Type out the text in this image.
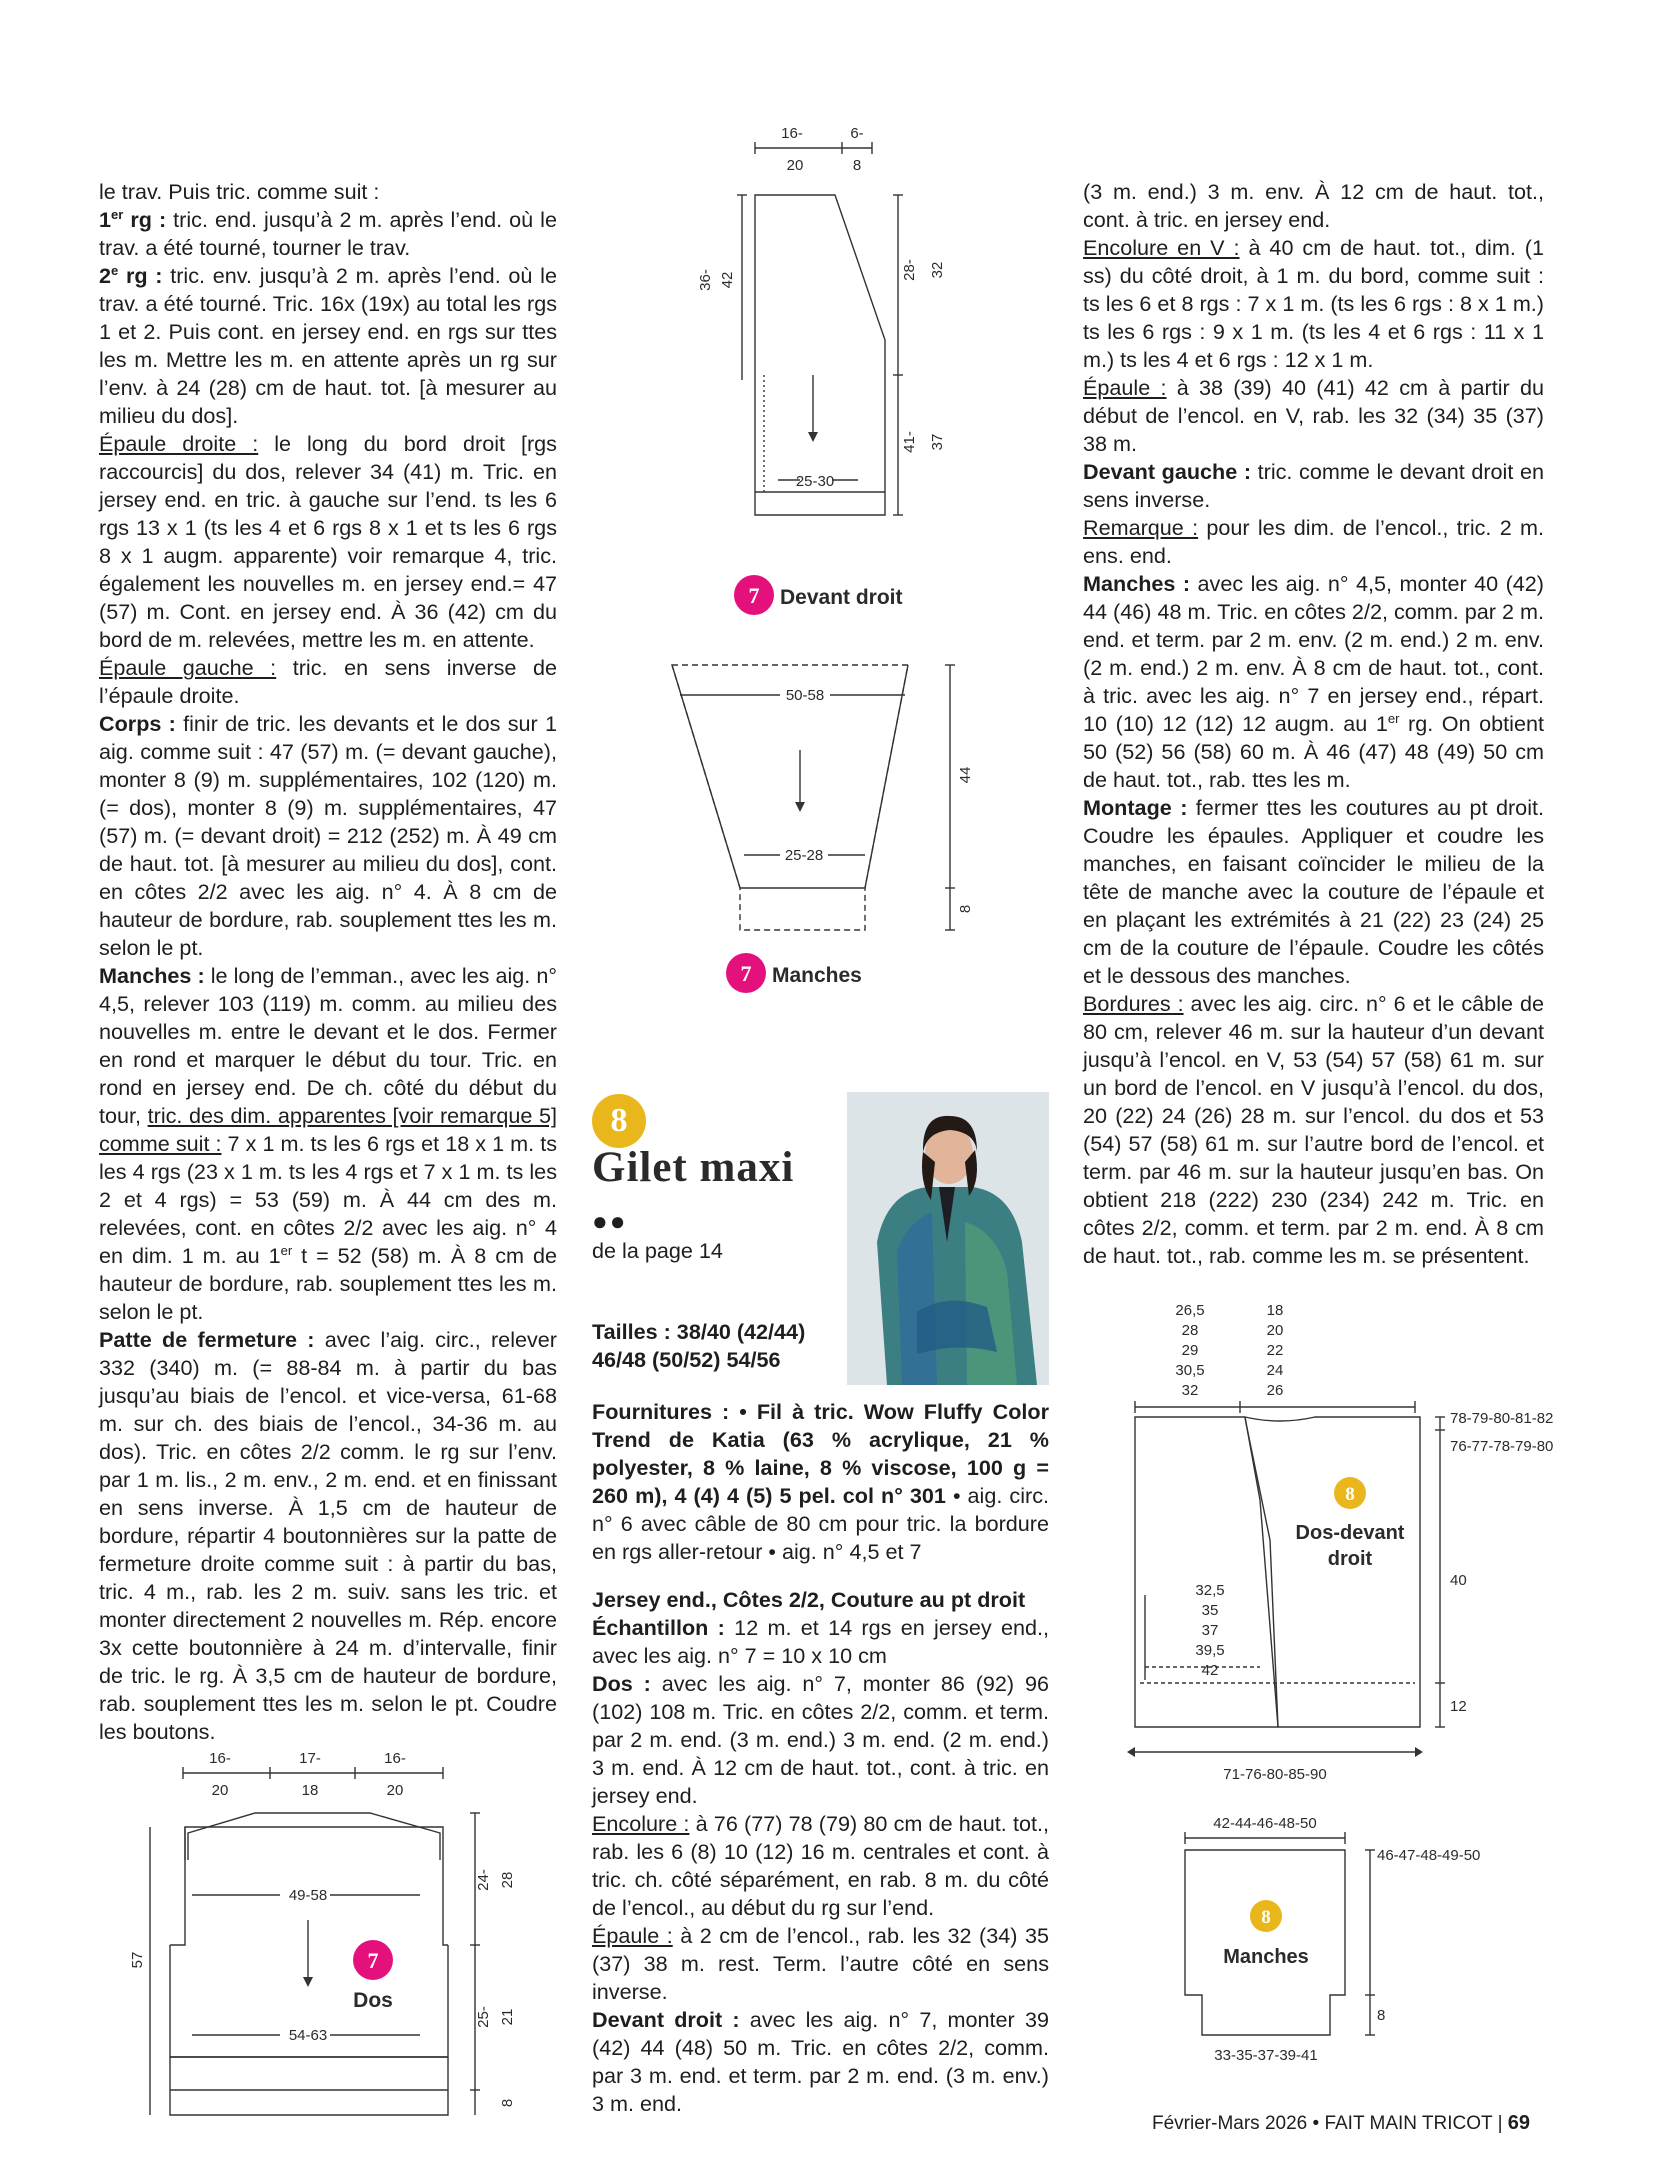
le trav. Puis tric. comme suit :

1er rg : tric. end. jusqu’à 2 m. après l’end. où le trav. a été tourné, tourner le trav.

2e rg : tric. env. jusqu’à 2 m. après l’end. où le trav. a été tourné. Tric. 16x (19x) au total les rgs 1 et 2. Puis cont. en jersey end. en rgs sur ttes les m. Mettre les m. en attente après un rg sur l’env. à 24 (28) cm de haut. tot. [à mesurer au milieu du dos].

Épaule droite : le long du bord droit [rgs raccourcis] du dos, relever 34 (41) m. Tric. en jersey end. en tric. à gauche sur l’end. ts les 6 rgs 13 x 1 (ts les 4 et 6 rgs 8 x 1 et ts les 6 rgs 8 x 1 augm. apparente) voir remarque 4, tric. également les nouvelles m. en jersey end.= 47 (57) m. Cont. en jersey end. À 36 (42) cm du bord de m. relevées, mettre les m. en attente.

Épaule gauche : tric. en sens inverse de l’épaule droite.

Corps : finir de tric. les devants et le dos sur 1 aig. comme suit : 47 (57) m. (= devant gauche), monter 8 (9) m. supplémentaires, 102 (120) m. (= dos), monter 8 (9) m. supplémentaires, 47 (57) m. (= devant droit) = 212 (252) m. À 49 cm de haut. tot. [à mesurer au milieu du dos], cont. en côtes 2/2 avec les aig. n° 4. À 8 cm de hauteur de bordure, rab. souplement ttes les m. selon le pt.

Manches : le long de l’emman., avec les aig. n° 4,5, relever 103 (119) m. comm. au milieu des nouvelles m. entre le devant et le dos. Fermer en rond et marquer le début du tour. Tric. en rond en jersey end. De ch. côté du début du tour, tric. des dim. apparentes [voir remarque 5] comme suit : 7 x 1 m. ts les 6 rgs et 18 x 1 m. ts les 4 rgs (23 x 1 m. ts les 4 rgs et 7 x 1 m. ts les 2 et 4 rgs) = 53 (59) m. À 44 cm des m. relevées, cont. en côtes 2/2 avec les aig. n° 4 en dim. 1 m. au 1er t = 52 (58) m. À 8 cm de hauteur de bordure, rab. souplement ttes les m. selon le pt.

Patte de fermeture : avec l’aig. circ., relever 332 (340) m. (= 88-84 m. à partir du bas jusqu’au biais de l’encol. et vice-versa, 61-68 m. sur ch. des biais de l’encol., 34-36 m. au dos). Tric. en côtes 2/2 comm. le rg sur l’env. par 1 m. lis., 2 m. env., 2 m. end. et en finissant en sens inverse. À 1,5 cm de hauteur de bordure, répartir 4 boutonnières sur la patte de fermeture droite comme suit : à partir du bas, tric. 4 m., rab. les 2 m. suiv. sans les tric. et monter directement 2 nouvelles m. Rép. encore 3x cette boutonnière à 24 m. d’intervalle, finir de tric. le rg. À 3,5 cm de hauteur de bordure, rab. souplement ttes les m. selon le pt. Coudre les boutons.

(3 m. end.) 3 m. env. À 12 cm de haut. tot., cont. à tric. en jersey end.

Encolure en V : à 40 cm de haut. tot., dim. (1 ss) du côté droit, à 1 m. du bord, comme suit : ts les 6 et 8 rgs : 7 x 1 m. (ts les 6 rgs : 8 x 1 m.) ts les 6 rgs : 9 x 1 m. (ts les 4 et 6 rgs : 11 x 1 m.) ts les 4 et 6 rgs : 12 x 1 m.

Épaule : à 38 (39) 40 (41) 42 cm à partir du début de l’encol. en V, rab. les 32 (34) 35 (37) 38 m.

Devant gauche : tric. comme le devant droit en sens inverse.

Remarque : pour les dim. de l’encol., tric. 2 m. ens. end.

Manches : avec les aig. n° 4,5, monter 40 (42) 44 (46) 48 m. Tric. en côtes 2/2, comm. par 2 m. end. et term. par 2 m. env. (2 m. end.) 2 m. env. (2 m. end.) 2 m. env. À 8 cm de haut. tot., cont. à tric. avec les aig. n° 7 en jersey end., répart. 10 (10) 12 (12) 12 augm. au 1er rg. On obtient 50 (52) 56 (58) 60 m. À 46 (47) 48 (49) 50 cm de haut. tot., rab. ttes les m.

Montage : fermer ttes les coutures au pt droit. Coudre les épaules. Appliquer et coudre les manches, en faisant coïncider le milieu de la tête de manche avec la couture de l’épaule et en plaçant les extrémités à 21 (22) 23 (24) 25 cm de la couture de l’épaule. Coudre les côtés et le dessous des manches.

Bordures : avec les aig. circ. n° 6 et le câble de 80 cm, relever 46 m. sur la hauteur d’un devant jusqu’à l’encol. en V, 53 (54) 57 (58) 61 m. sur un bord de l’encol. en V jusqu’à l’encol. du dos, 20 (22) 24 (26) 28 m. sur l’encol. du dos et 53 (54) 57 (58) 61 m. sur l’autre bord de l’encol. et term. par 46 m. sur la hauteur jusqu’en bas. On obtient 218 (222) 230 (234) 242 m. Tric. en côtes 2/2, comm. et term. par 2 m. end. À 8 cm de haut. tot., rab. comme les m. se présentent.

8
Gilet maxi
●●
de la page 14
Tailles : 38/40 (42/44) 46/48 (50/52) 54/56

Fournitures : • Fil à tric. Wow Fluffy Color Trend de Katia (63 % acrylique, 21 % polyester, 8 % laine, 8 % viscose, 100 g = 260 m), 4 (4) 4 (5) 5 pel. col n° 301 • aig. circ. n° 6 avec câble de 80 cm pour tric. la bordure en rgs aller-retour • aig. n° 4,5 et 7

Jersey end., Côtes 2/2, Couture au pt droit

Échantillon : 12 m. et 14 rgs en jersey end., avec les aig. n° 7 = 10 x 10 cm

Dos : avec les aig. n° 7, monter 86 (92) 96 (102) 108 m. Tric. en côtes 2/2, comm. et term. par 2 m. end. (3 m. end.) 3 m. end. (2 m. end.) 3 m. end. À 12 cm de haut. tot., cont. à tric. en jersey end.

Encolure : à 76 (77) 78 (79) 80 cm de haut. tot., rab. les 6 (8) 10 (12) 16 m. centrales et cont. à tric. ch. côté séparément, en rab. 8 m. du côté de l’encol., au début du rg sur l’end.

Épaule : à 2 cm de l’encol., rab. les 32 (34) 35 (37) 38 m. rest. Term. l’autre côté en sens inverse.

Devant droit : avec les aig. n° 7, monter 39 (42) 44 (48) 50 m. Tric. en côtes 2/2, comm. par 3 m. end. et term. par 2 m. end. (3 m. env.) 3 m. end.

16-
20
6-
8
36- 42	28- 32
41- 37
25-30
7 Devant droit
50-58
25-28
44
8
7 Manches
16-
20
17-
18
16-
20
49-58
54-63
57
24- 28
25- 21
8
7
Dos
26,5
28
29
30,5
32
18
20
22
24
26
32,5
35
37
39,5
42
71-76-80-85-90
78-79-80-81-82
76-77-78-79-80
40
12
8
Dos-devant
droit
42-44-46-48-50
46-47-48-49-50
8
33-35-37-39-41
8
Manches
Février-Mars 2026 • FAIT MAIN TRICOT | 69
